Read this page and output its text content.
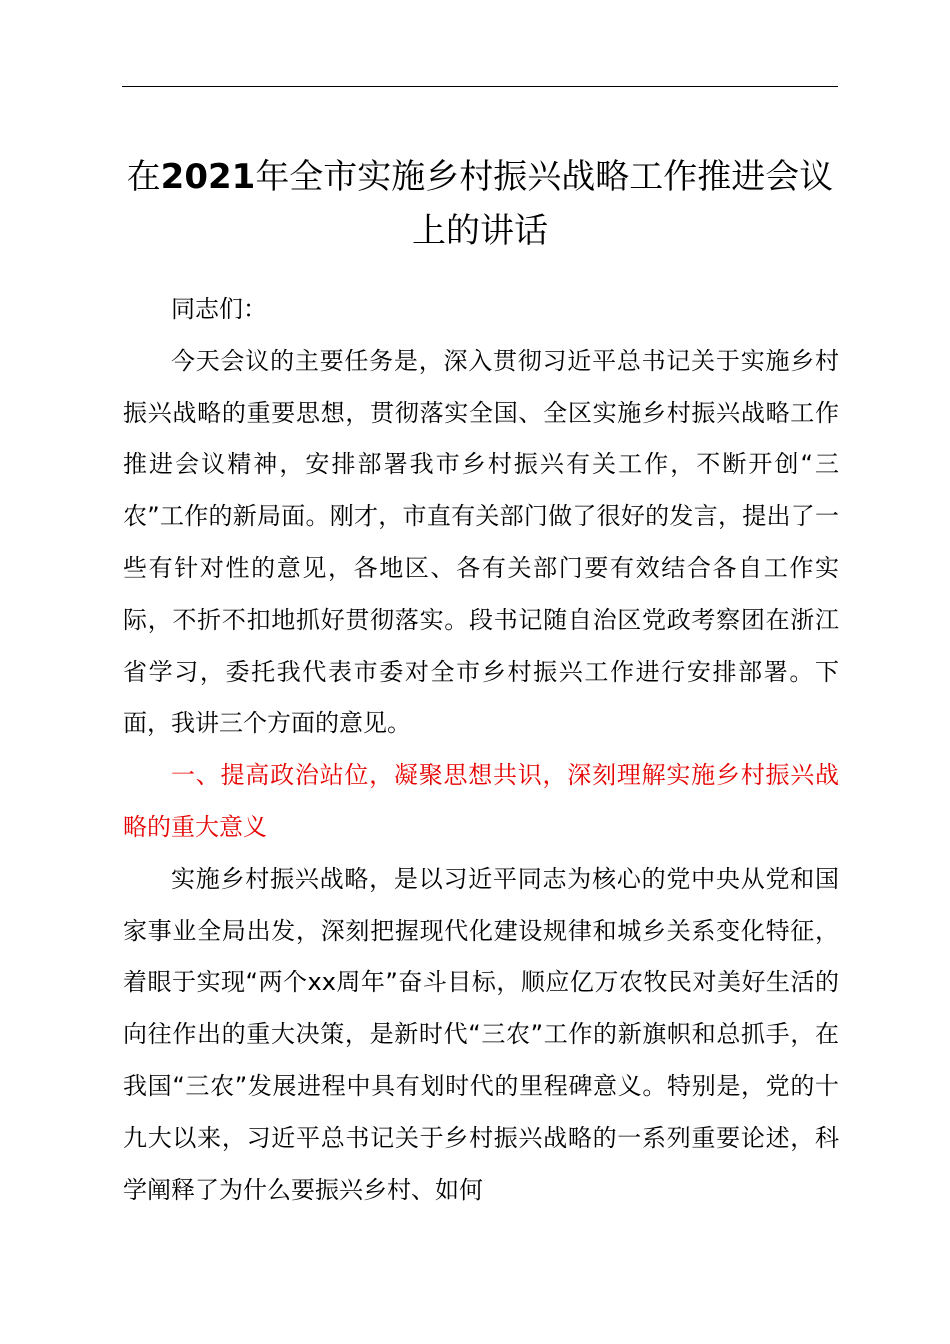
在2021年全市实施乡村振兴战略工作推进会议上的讲话

同志们：

今天会议的主要任务是，深入贯彻习近平总书记关于实施乡村振兴战略的重要思想，贯彻落实全国、全区实施乡村振兴战略工作推进会议精神，安排部署我市乡村振兴有关工作，不断开创“三农”工作的新局面。刚才，市直有关部门做了很好的发言，提出了一些有针对性的意见，各地区、各有关部门要有效结合各自工作实际，不折不扣地抓好贯彻落实。段书记随自治区党政考察团在浙江省学习，委托我代表市委对全市乡村振兴工作进行安排部署。下面，我讲三个方面的意见。

一、提高政治站位，凝聚思想共识，深刻理解实施乡村振兴战略的重大意义

实施乡村振兴战略，是以习近平同志为核心的党中央从党和国家事业全局出发，深刻把握现代化建设规律和城乡关系变化特征，着眼于实现“两个xx周年”奋斗目标，顺应亿万农牧民对美好生活的向往作出的重大决策，是新时代“三农”工作的新旗帜和总抓手，在我国“三农”发展进程中具有划时代的里程碑意义。特别是，党的十九大以来，习近平总书记关于乡村振兴战略的一系列重要论述，科学阐释了为什么要振兴乡村、如何
